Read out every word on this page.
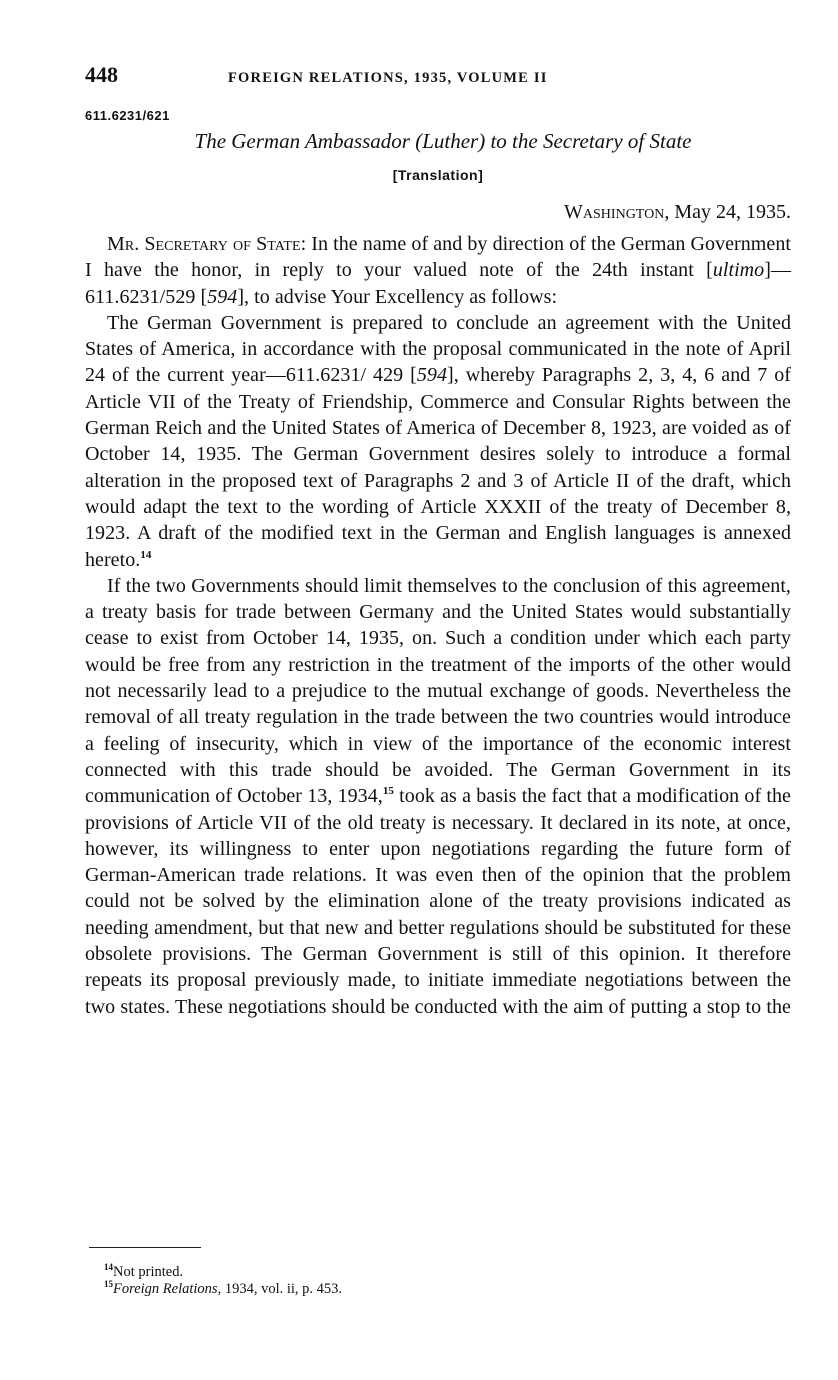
448	FOREIGN RELATIONS, 1935, VOLUME II
611.6231/621
The German Ambassador (Luther) to the Secretary of State
[Translation]
Washington, May 24, 1935.

Mr. Secretary of State: In the name of and by direction of the German Government I have the honor, in reply to your valued note of the 24th instant [ultimo]—611.6231/529 [594], to advise Your Excellency as follows:

The German Government is prepared to conclude an agreement with the United States of America, in accordance with the proposal communicated in the note of April 24 of the current year—611.6231/ 429 [594], whereby Paragraphs 2, 3, 4, 6 and 7 of Article VII of the Treaty of Friendship, Commerce and Consular Rights between the German Reich and the United States of America of December 8, 1923, are voided as of October 14, 1935. The German Government desires solely to introduce a formal alteration in the proposed text of Paragraphs 2 and 3 of Article II of the draft, which would adapt the text to the wording of Article XXXII of the treaty of December 8, 1923. A draft of the modified text in the German and English languages is annexed hereto.$^{14}$

If the two Governments should limit themselves to the conclusion of this agreement, a treaty basis for trade between Germany and the United States would substantially cease to exist from October 14, 1935, on. Such a condition under which each party would be free from any restriction in the treatment of the imports of the other would not necessarily lead to a prejudice to the mutual exchange of goods. Nevertheless the removal of all treaty regulation in the trade between the two countries would introduce a feeling of insecurity, which in view of the importance of the economic interest connected with this trade should be avoided. The German Government in its communication of October 13, 1934,15 took as a basis the fact that a modification of the provisions of Article VII of the old treaty is necessary. It declared in its note, at once, however, its willingness to enter upon negotiations regarding the future form of German-American trade relations. It was even then of the opinion that the problem could not be solved by the elimination alone of the treaty provisions indicated as needing amendment, but that new and better regulations should be substituted for these obsolete provisions. The German Government is still of this opinion. It therefore repeats its proposal previously made, to initiate immediate negotiations between the two states. These negotiations should be conducted with the aim of putting a stop to the

$^{14}$Not printed.
$^{15}$Foreign Relations, 1934, vol. ii, p. 453.
